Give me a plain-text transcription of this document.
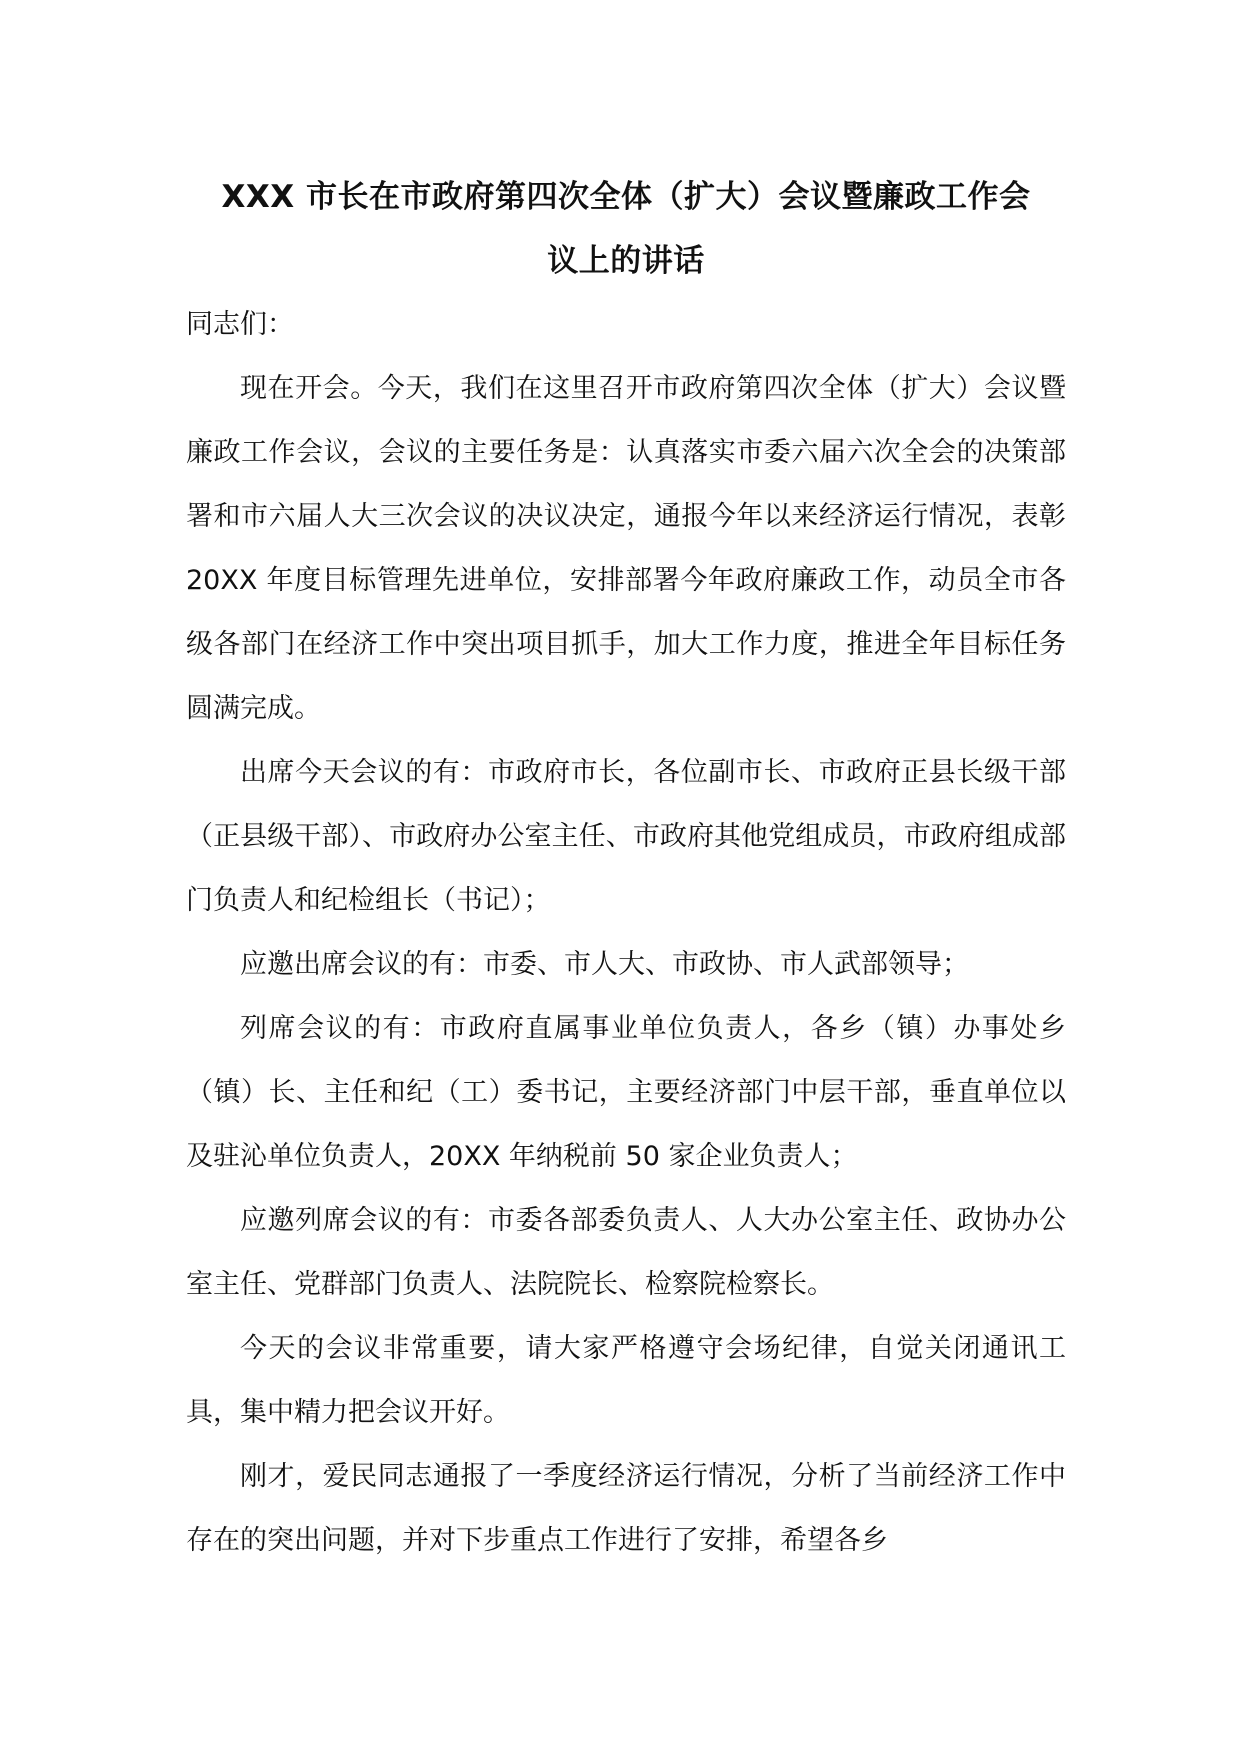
XXX 市长在市政府第四次全体（扩大）会议暨廉政工作会
议上的讲话

同志们：

现在开会。今天，我们在这里召开市政府第四次全体（扩大）会议暨廉政工作会议，会议的主要任务是：认真落实市委六届六次全会的决策部署和市六届人大三次会议的决议决定，通报今年以来经济运行情况，表彰 20XX 年度目标管理先进单位，安排部署今年政府廉政工作，动员全市各级各部门在经济工作中突出项目抓手，加大工作力度，推进全年目标任务圆满完成。

出席今天会议的有：市政府市长，各位副市长、市政府正县长级干部（正县级干部）、市政府办公室主任、市政府其他党组成员，市政府组成部门负责人和纪检组长（书记）；

应邀出席会议的有：市委、市人大、市政协、市人武部领导；

列席会议的有：市政府直属事业单位负责人，各乡（镇）办事处乡（镇）长、主任和纪（工）委书记，主要经济部门中层干部，垂直单位以及驻沁单位负责人，20XX 年纳税前 50 家企业负责人；

应邀列席会议的有：市委各部委负责人、人大办公室主任、政协办公室主任、党群部门负责人、法院院长、检察院检察长。

今天的会议非常重要，请大家严格遵守会场纪律，自觉关闭通讯工具，集中精力把会议开好。

刚才，爱民同志通报了一季度经济运行情况，分析了当前经济工作中存在的突出问题，并对下步重点工作进行了安排，希望各乡
